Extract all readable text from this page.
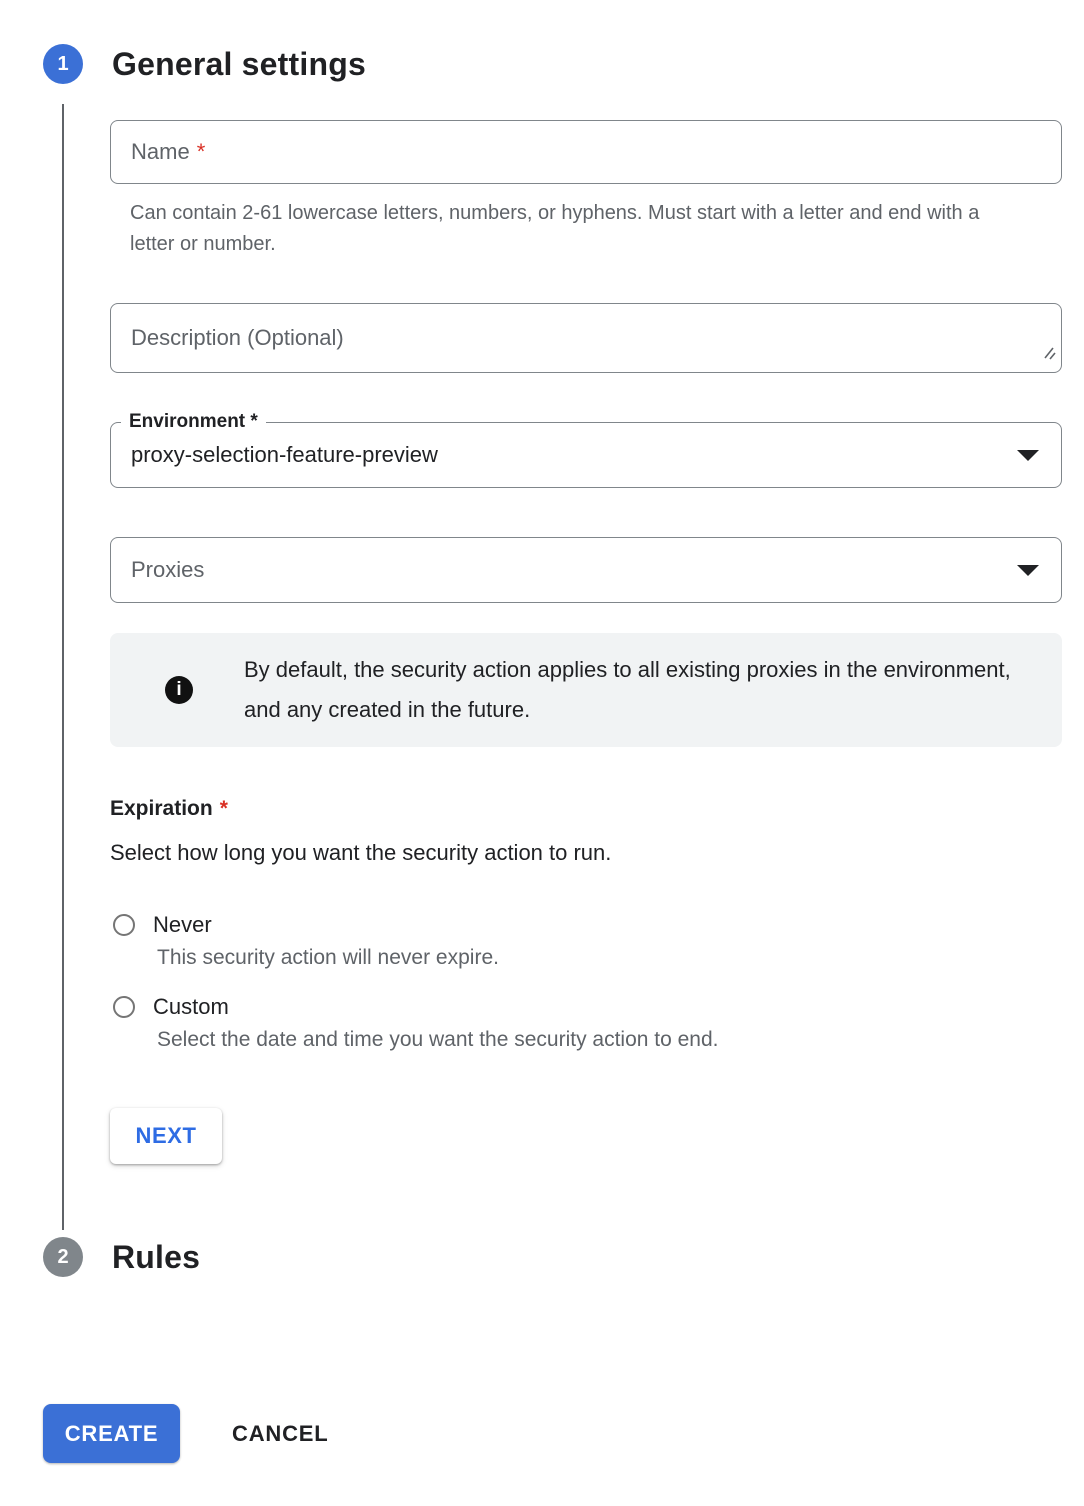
1	General settings
Name *
Can contain 2-61 lowercase letters, numbers, or hyphens. Must start with a letter and end with a letter or number.
Description (Optional)
Environment *
proxy-selection-feature-preview
Proxies
i
By default, the security action applies to all existing proxies in the environment, and any created in the future.
Expiration *
Select how long you want the security action to run.
Never
This security action will never expire.
Custom
Select the date and time you want the security action to end.
NEXT
2	Rules
CREATE	CANCEL
